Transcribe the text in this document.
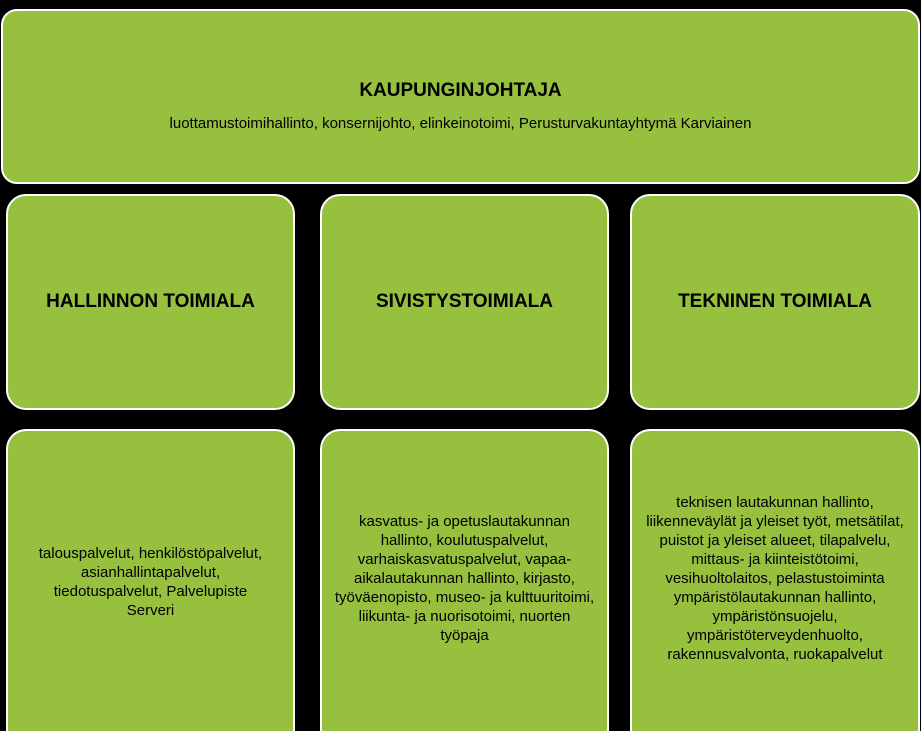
KAUPUNGINJOHTAJA
luottamustoimihallinto, konsernijohto, elinkeinotoimi, Perusturvakuntayhtymä Karviainen
HALLINNON TOIMIALA	SIVISTYSTOIMIALA	TEKNINEN TOIMIALA
talouspalvelut, henkilöstöpalvelut, asianhallintapalvelut, tiedotuspalvelut, Palvelupiste Serveri
kasvatus- ja opetuslautakunnan hallinto, koulutuspalvelut, varhaiskasvatuspalvelut, vapaa-aikalautakunnan hallinto, kirjasto, työväenopisto, museo- ja kulttuuritoimi, liikunta- ja nuorisotoimi, nuorten työpaja
teknisen lautakunnan hallinto, liikenneväylät ja yleiset työt, metsätilat, puistot ja yleiset alueet, tilapalvelu, mittaus- ja kiinteistötoimi, vesihuoltolaitos, pelastustoiminta ympäristölautakunnan hallinto, ympäristönsuojelu, ympäristöterveydenhuolto, rakennusvalvonta, ruokapalvelut
